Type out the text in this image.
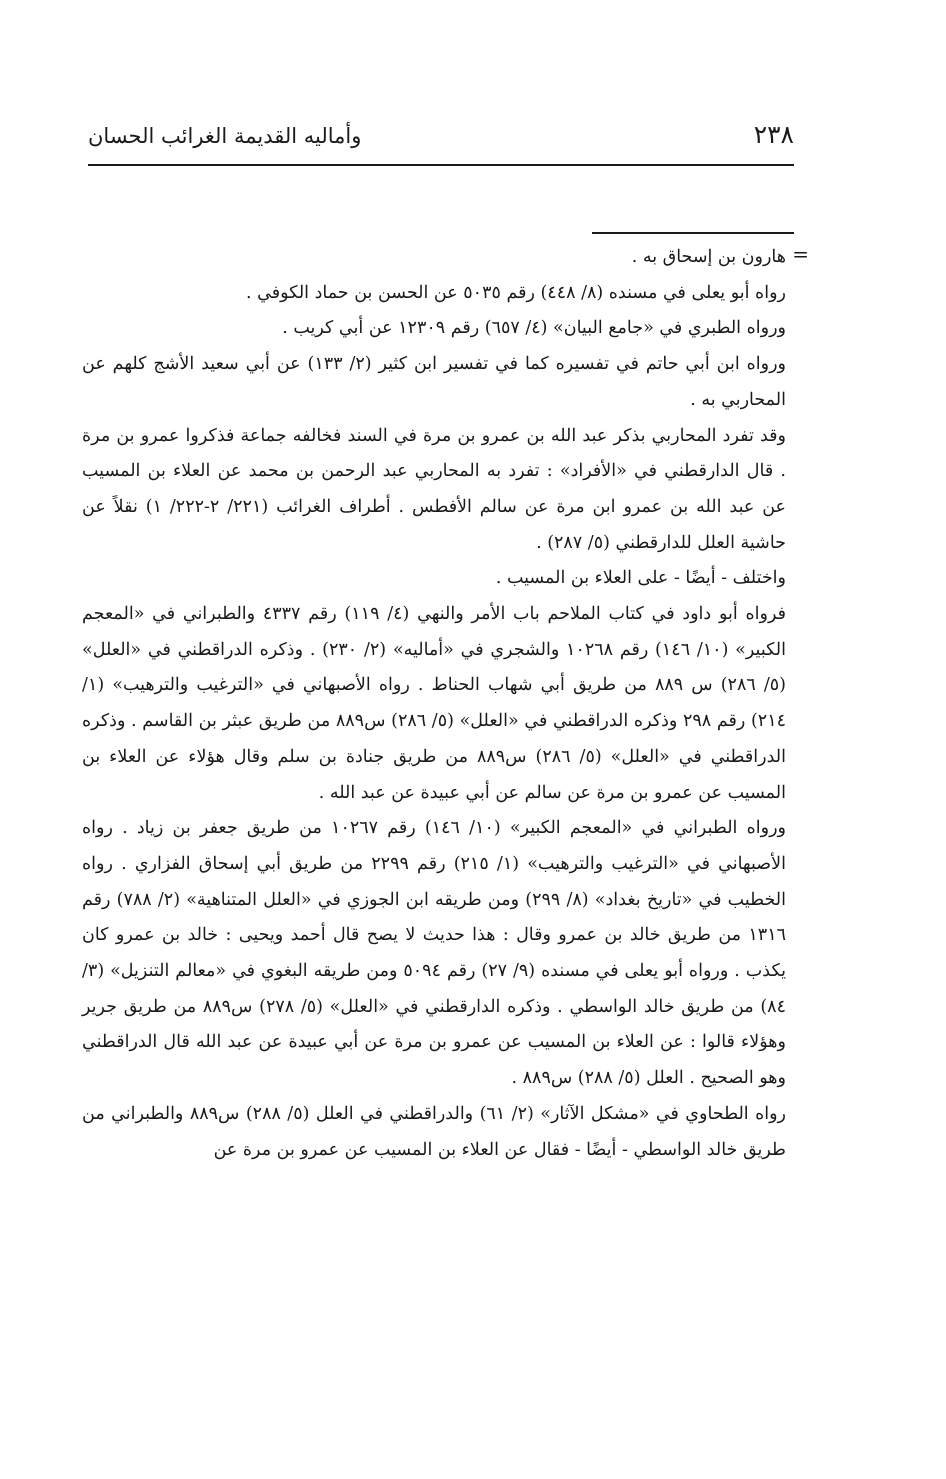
٢٣٨
وأماليه القديمة الغرائب الحسان
=
هارون بن إسحاق به .
رواه أبو يعلى في مسنده (٨/ ٤٤٨) رقم ٥٠٣٥ عن الحسن بن حماد الكوفي .
ورواه الطبري في «جامع البيان» (٤/ ٦٥٧) رقم ١٢٣٠٩ عن أبي كريب .
ورواه ابن أبي حاتم في تفسيره كما في تفسير ابن كثير (٢/ ١٣٣) عن أبي سعيد الأشج كلهم عن المحاربي به .
وقد تفرد المحاربي بذكر عبد الله بن عمرو بن مرة في السند فخالفه جماعة فذكروا عمرو بن مرة . قال الدارقطني في «الأفراد» : تفرد به المحاربي عبد الرحمن بن محمد عن العلاء بن المسيب عن عبد الله بن عمرو ابن مرة عن سالم الأفطس . أطراف الغرائب (٢٢١/ ٢-٢٢٢/ ١) نقلاً عن حاشية العلل للدارقطني (٥/ ٢٨٧) .
واختلف - أيضًا - على العلاء بن المسيب .
فرواه أبو داود في كتاب الملاحم باب الأمر والنهي (٤/ ١١٩) رقم ٤٣٣٧ والطبراني في «المعجم الكبير» (١٠/ ١٤٦) رقم ١٠٢٦٨ والشجري في «أماليه» (٢/ ٢٣٠) . وذكره الدراقطني في «العلل» (٥/ ٢٨٦) س ٨٨٩ من طريق أبي شهاب الحناط . رواه الأصبهاني في «الترغيب والترهيب» (١/ ٢١٤) رقم ٢٩٨ وذكره الدراقطني في «العلل» (٥/ ٢٨٦) س٨٨٩ من طريق عبثر بن القاسم . وذكره الدراقطني في «العلل» (٥/ ٢٨٦) س٨٨٩ من طريق جنادة بن سلم وقال هؤلاء عن العلاء بن المسيب عن عمرو بن مرة عن سالم عن أبي عبيدة عن عبد الله .
ورواه الطبراني في «المعجم الكبير» (١٠/ ١٤٦) رقم ١٠٢٦٧ من طريق جعفر بن زياد . رواه الأصبهاني في «الترغيب والترهيب» (١/ ٢١٥) رقم ٢٢٩٩ من طريق أبي إسحاق الفزاري . رواه الخطيب في «تاريخ بغداد» (٨/ ٢٩٩) ومن طريقه ابن الجوزي في «العلل المتناهية» (٢/ ٧٨٨) رقم ١٣١٦ من طريق خالد بن عمرو وقال : هذا حديث لا يصح قال أحمد ويحيى : خالد بن عمرو كان يكذب . ورواه أبو يعلى في مسنده (٩/ ٢٧) رقم ٥٠٩٤ ومن طريقه البغوي في «معالم التنزيل» (٣/ ٨٤) من طريق خالد الواسطي . وذكره الدارقطني في «العلل» (٥/ ٢٧٨) س٨٨٩ من طريق جرير وهؤلاء قالوا : عن العلاء بن المسيب عن عمرو بن مرة عن أبي عبيدة عن عبد الله قال الدراقطني وهو الصحيح . العلل (٥/ ٢٨٨) س٨٨٩ .
رواه الطحاوي في «مشكل الآثار» (٢/ ٦١) والدراقطني في العلل (٥/ ٢٨٨) س٨٨٩ والطبراني من طريق خالد الواسطي - أيضًا - فقال عن العلاء بن المسيب عن عمرو بن مرة عن
